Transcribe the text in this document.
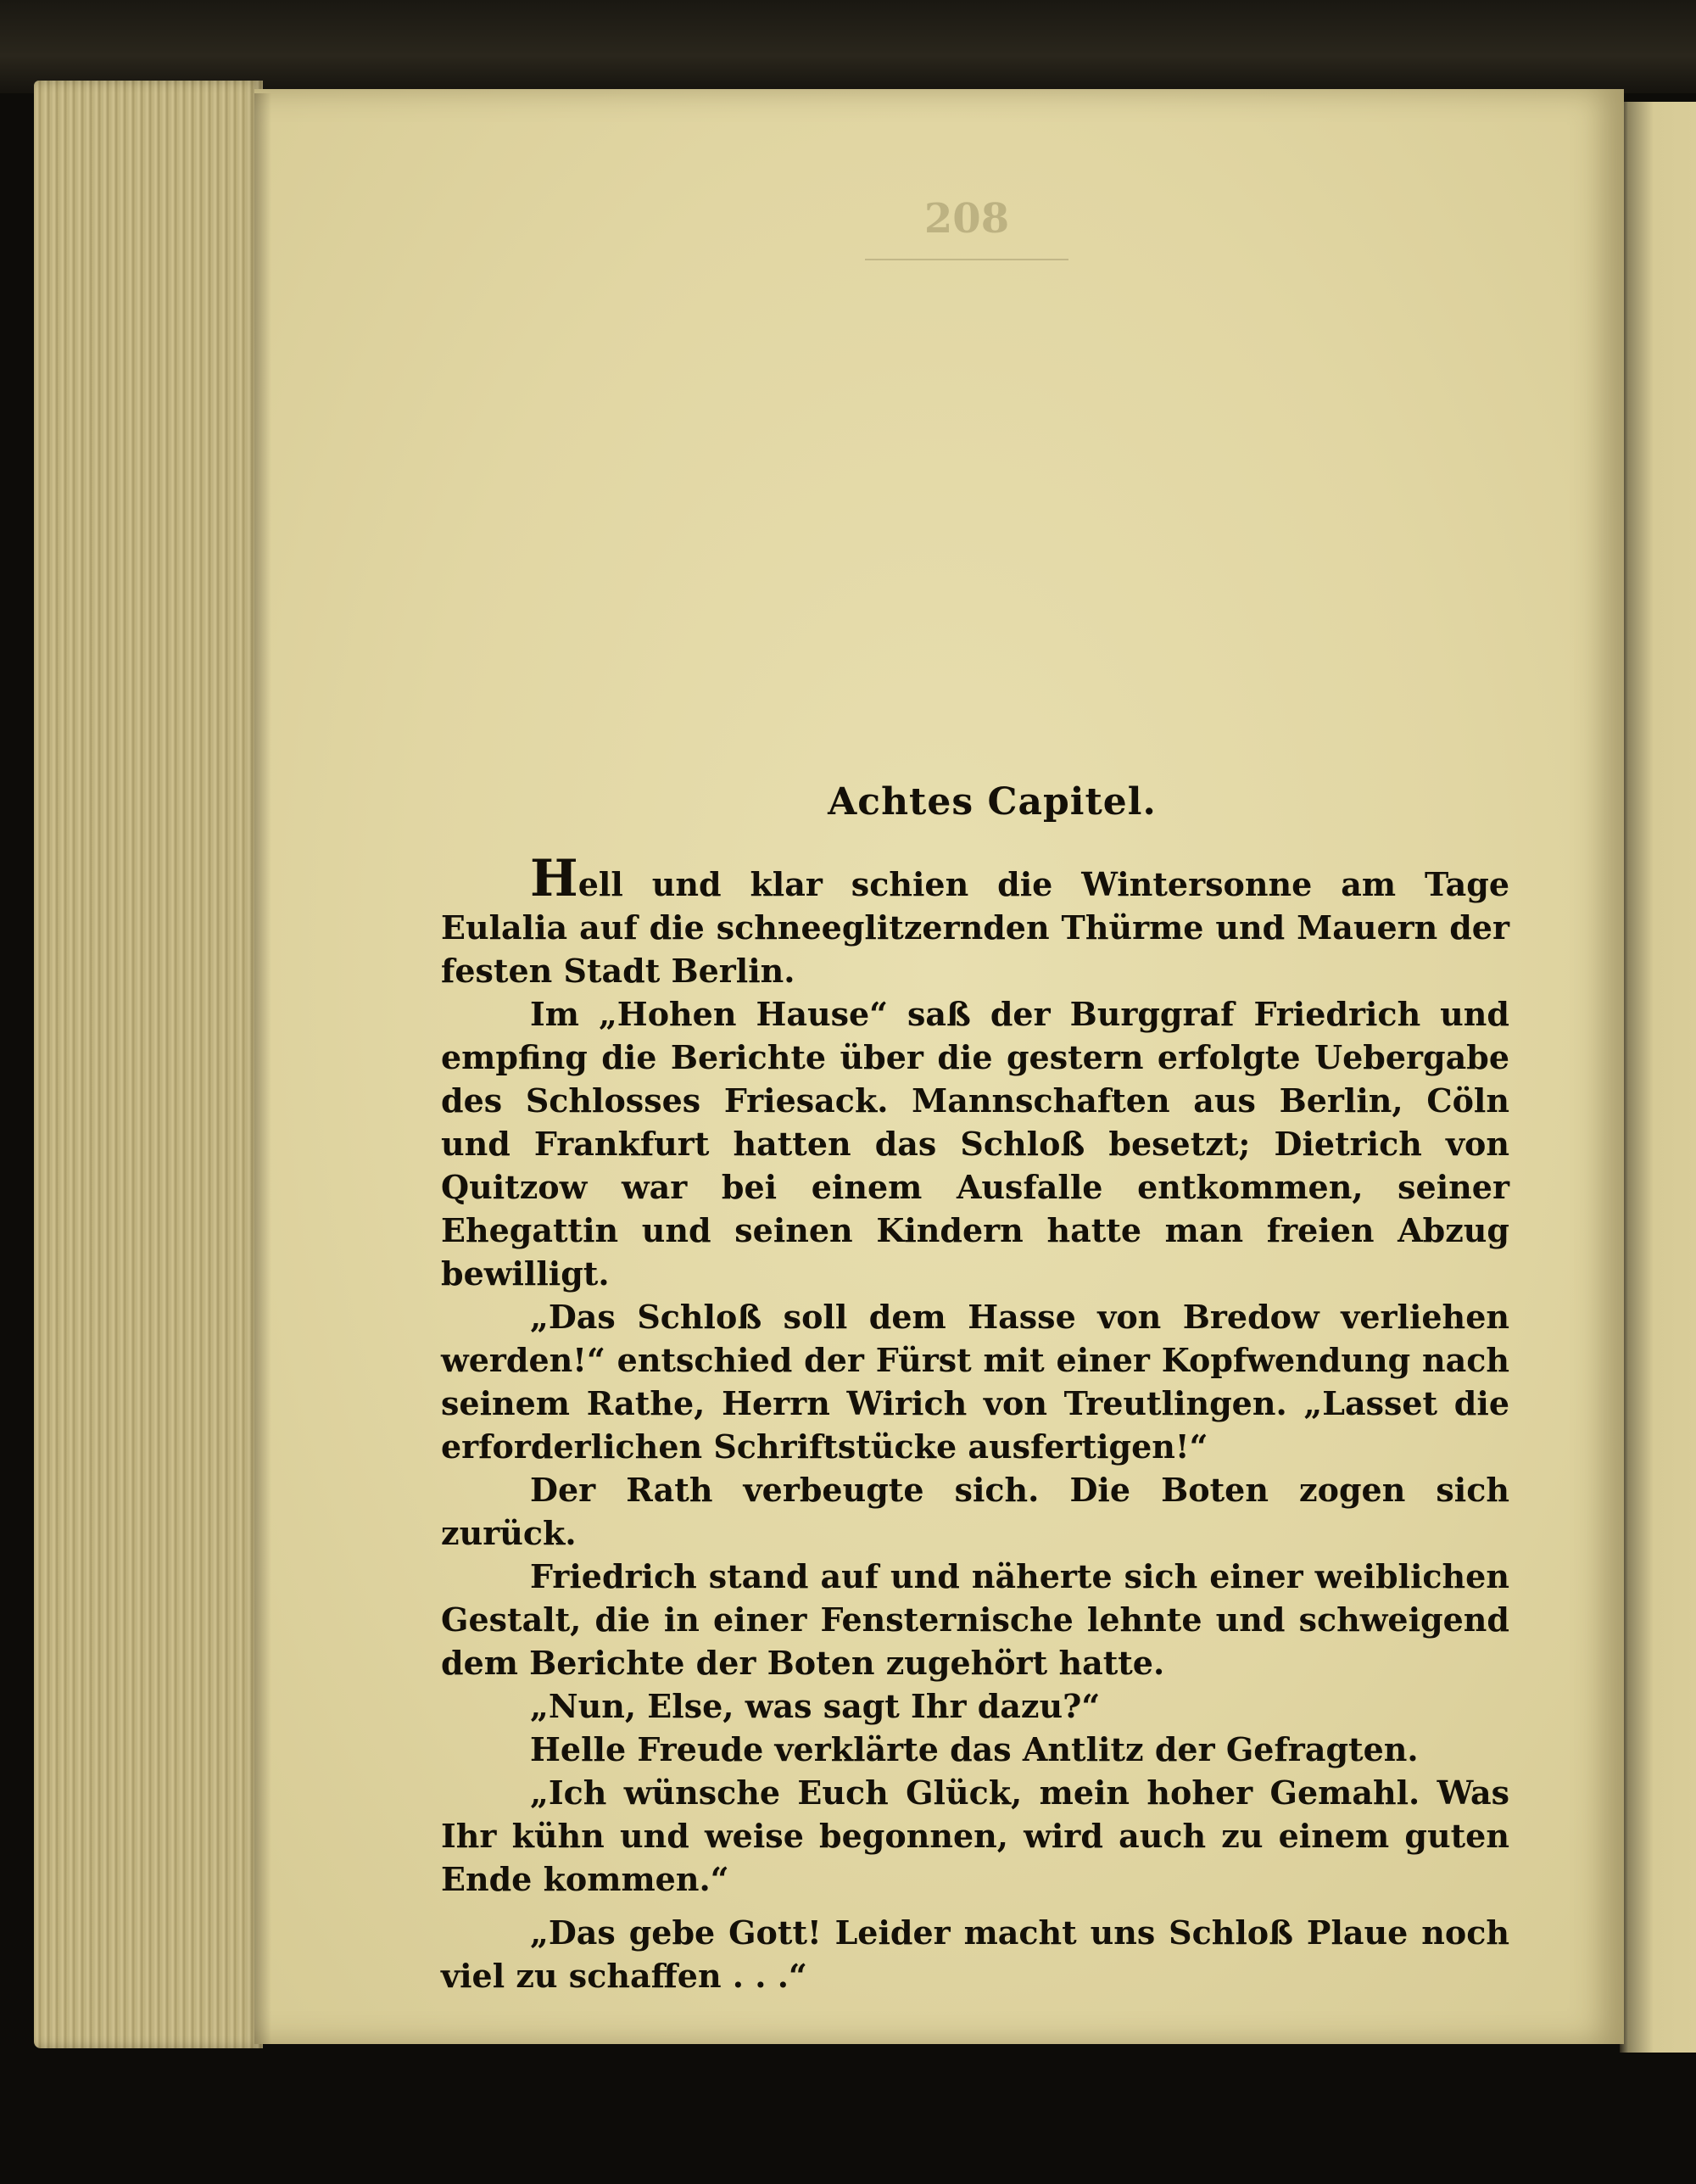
208
Achtes Capitel.

Hell und klar schien die Wintersonne am Tage Eulalia auf die schneeglitzernden Thürme und Mauern der festen Stadt Berlin.

Im „Hohen Hause“ saß der Burggraf Friedrich und empfing die Berichte über die gestern erfolgte Uebergabe des Schlosses Friesack. Mannschaften aus Berlin, Cöln und Frankfurt hatten das Schloß besetzt; Dietrich von Quitzow war bei einem Ausfalle entkommen, seiner Ehegattin und seinen Kindern hatte man freien Abzug bewilligt.

„Das Schloß soll dem Hasse von Bredow verliehen werden!“ entschied der Fürst mit einer Kopfwendung nach seinem Rathe, Herrn Wirich von Treutlingen. „Lasset die erforderlichen Schriftstücke ausfertigen!“

Der Rath verbeugte sich. Die Boten zogen sich zurück.

Friedrich stand auf und näherte sich einer weiblichen Gestalt, die in einer Fensternische lehnte und schweigend dem Berichte der Boten zugehört hatte.

„Nun, Else, was sagt Ihr dazu?“

Helle Freude verklärte das Antlitz der Gefragten.

„Ich wünsche Euch Glück, mein hoher Gemahl. Was Ihr kühn und weise begonnen, wird auch zu einem guten Ende kommen.“

„Das gebe Gott! Leider macht uns Schloß Plaue noch viel zu schaffen . . .“
